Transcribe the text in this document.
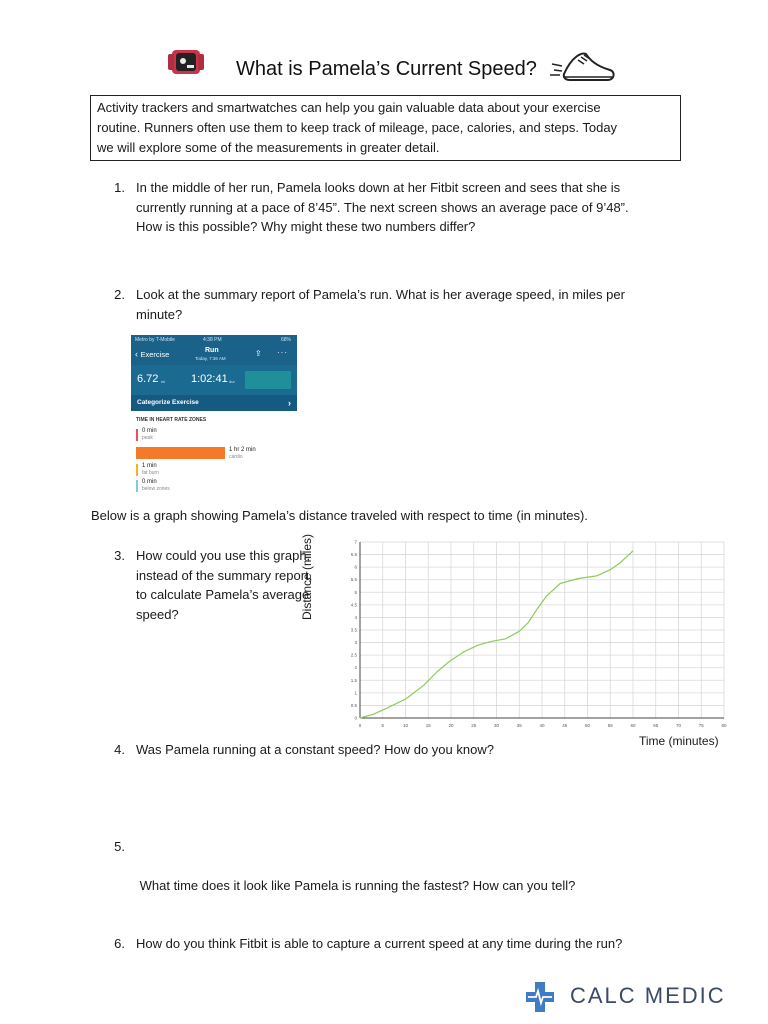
What is Pamela’s Current Speed?
Activity trackers and smartwatches can help you gain valuable data about your exercise
routine. Runners often use them to keep track of mileage, pace, calories, and steps. Today
we will explore some of the measurements in greater detail.
1. In the middle of her run, Pamela looks down at her Fitbit screen and sees that she is
currently running at a pace of 8’45”. The next screen shows an average pace of 9’48”.
How is this possible? Why might these two numbers differ?
2. Look at the summary report of Pamela’s run. What is her average speed, in miles per
minute?
Metro by T-Mobile	4:38 PM	68%
‹ Exercise	Run
Today, 7:36 AM
⇪ ···
6.72 mi 1:02:41 dur
Categorize Exercise	›
TIME IN HEART RATE ZONES
0 min
peak
1 hr 2 min
cardio
1 min
fat burn
0 min
below zones
Below is a graph showing Pamela’s distance traveled with respect to time (in minutes).
3. How could you use this graph,
instead of the summary report,
to calculate Pamela’s average
speed?	Distance (miles)
0	5	10	15	20	25	30	35	40	45	50	55	60	65	70	75	80
0
0.5
1
1.5
2
2.5
3
3.5
4
4.5
5
5.5
6
6.5
7
Time (minutes)
4. Was Pamela running at a constant speed? How do you know?
5.

What time does it look like Pamela is running the fastest? How can you tell?

6. How do you think Fitbit is able to capture a current speed at any time during the run?
CALC MEDIC
